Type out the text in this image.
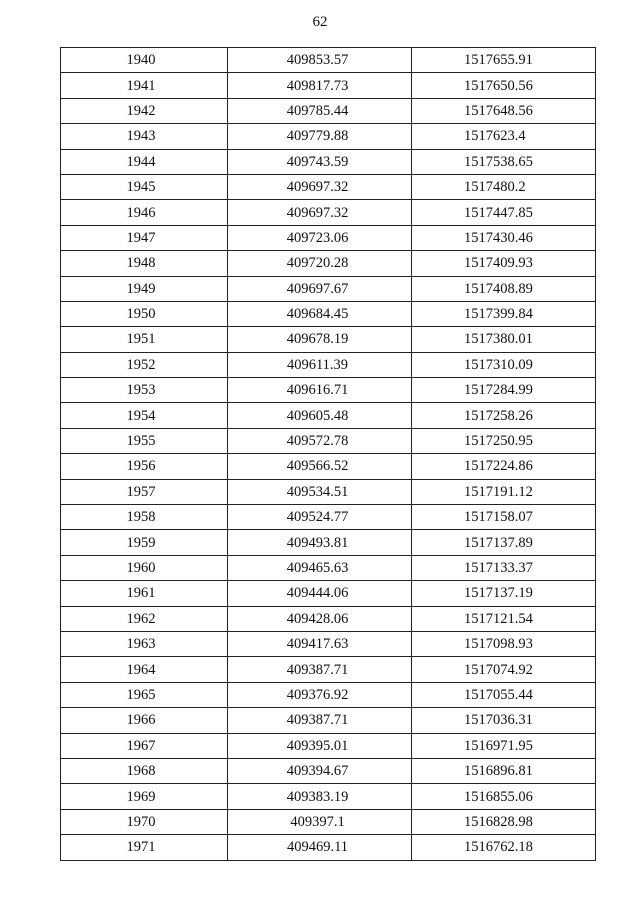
62
1940	409853.57	1517655.91
1941	409817.73	1517650.56
1942	409785.44	1517648.56
1943	409779.88	1517623.4
1944	409743.59	1517538.65
1945	409697.32	1517480.2
1946	409697.32	1517447.85
1947	409723.06	1517430.46
1948	409720.28	1517409.93
1949	409697.67	1517408.89
1950	409684.45	1517399.84
1951	409678.19	1517380.01
1952	409611.39	1517310.09
1953	409616.71	1517284.99
1954	409605.48	1517258.26
1955	409572.78	1517250.95
1956	409566.52	1517224.86
1957	409534.51	1517191.12
1958	409524.77	1517158.07
1959	409493.81	1517137.89
1960	409465.63	1517133.37
1961	409444.06	1517137.19
1962	409428.06	1517121.54
1963	409417.63	1517098.93
1964	409387.71	1517074.92
1965	409376.92	1517055.44
1966	409387.71	1517036.31
1967	409395.01	1516971.95
1968	409394.67	1516896.81
1969	409383.19	1516855.06
1970	409397.1	1516828.98
1971	409469.11	1516762.18
